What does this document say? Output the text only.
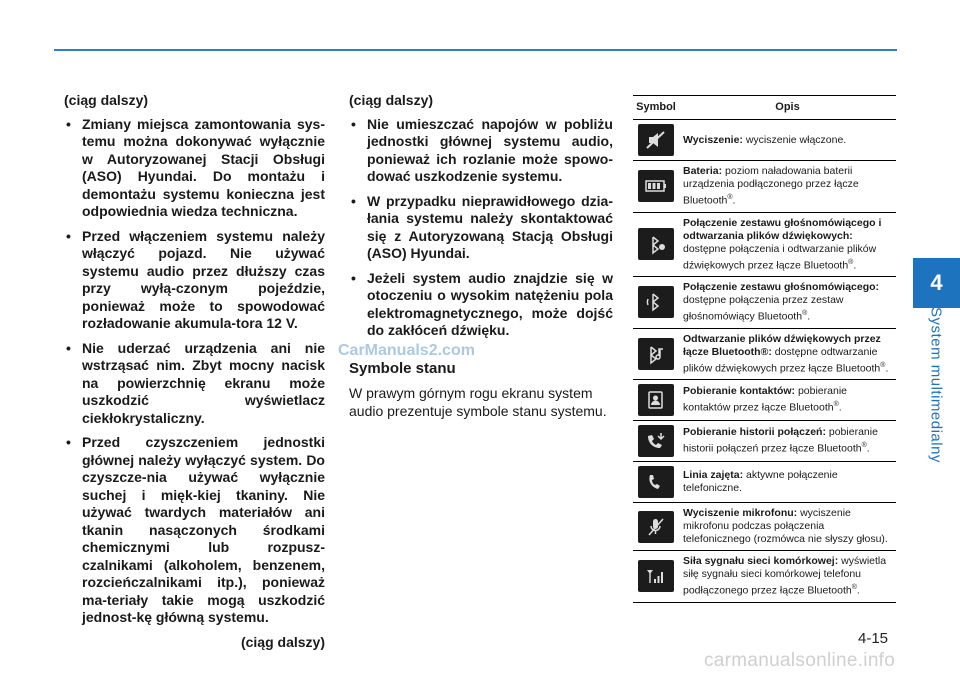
4
System multimedialny
(ciąg dalszy)
• Zmiany miejsca zamontowania sys-temu można dokonywać wyłącznie w Autoryzowanej Stacji Obsługi (ASO) Hyundai. Do montażu i demontażu systemu konieczna jest odpowiednia wiedza techniczna.
• Przed włączeniem systemu należy włączyć pojazd. Nie używać systemu audio przez dłuższy czas przy wyłą-czonym pojeździe, ponieważ może to spowodować rozładowanie akumula-tora 12 V.
• Nie uderzać urządzenia ani nie wstrząsać nim. Zbyt mocny nacisk na powierzchnię ekranu może uszkodzić wyświetlacz ciekłokrystaliczny.
• Przed czyszczeniem jednostki głównej należy wyłączyć system. Do czyszcze-nia używać wyłącznie suchej i mięk-kiej tkaniny. Nie używać twardych materiałów ani tkanin nasączonych środkami chemicznymi lub rozpusz-czalnikami (alkoholem, benzenem, rozcieńczalnikami itp.), ponieważ ma-teriały takie mogą uszkodzić jednost-kę główną systemu.
(ciąg dalszy)
(ciąg dalszy)
• Nie umieszczać napojów w pobliżu jednostki głównej systemu audio, ponieważ ich rozlanie może spowo-dować uszkodzenie systemu.
• W przypadku nieprawidłowego dzia-łania systemu należy skontaktować się z Autoryzowaną Stacją Obsługi (ASO) Hyundai.
• Jeżeli system audio znajdzie się w otoczeniu o wysokim natężeniu pola elektromagnetycznego, może dojść do zakłóceń dźwięku.
Symbole stanu
W prawym górnym rogu ekranu system audio prezentuje symbole stanu systemu.
CarManuals2.com
Symbol	Opis

	Wyciszenie: wyciszenie włączone.

	Bateria: poziom naładowania baterii urządzenia podłączonego przez łącze Bluetooth®.

	Połączenie zestawu głośnomówiącego i odtwarzania plików dźwiękowych: dostępne połączenia i odtwarzanie plików dźwiękowych przez łącze Bluetooth®.

	Połączenie zestawu głośnomówiącego: dostępne połączenia przez zestaw głośnomówiący Bluetooth®.

	Odtwarzanie plików dźwiękowych przez łącze Bluetooth®: dostępne odtwarzanie plików dźwiękowych przez łącze Bluetooth®.

	Pobieranie kontaktów: pobieranie kontaktów przez łącze Bluetooth®.

	Pobieranie historii połączeń: pobieranie historii połączeń przez łącze Bluetooth®.

	Linia zajęta: aktywne połączenie telefoniczne.

	Wyciszenie mikrofonu: wyciszenie mikrofonu podczas połączenia telefonicznego (rozmówca nie słyszy głosu).

	Siła sygnału sieci komórkowej: wyświetla siłę sygnału sieci komórkowej telefonu podłączonego przez łącze Bluetooth®.
4-15
carmanualsonline.info
